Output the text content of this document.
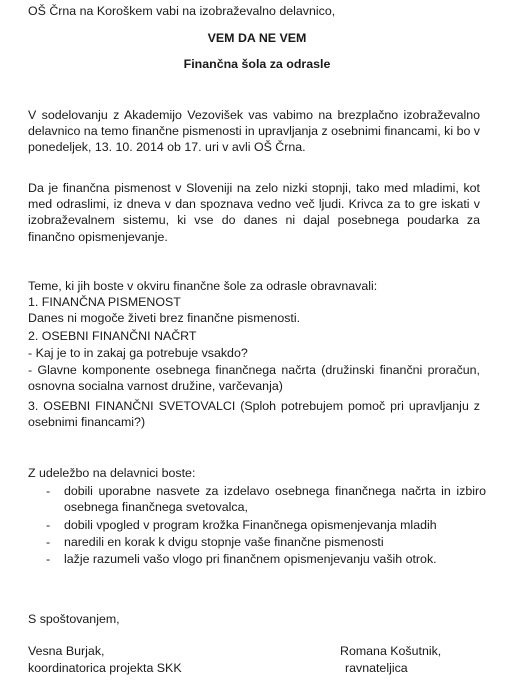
OŠ Črna na Koroškem vabi na izobraževalno delavnico,
VEM DA NE VEM
Finančna šola za odrasle
V sodelovanju z Akademijo Vezovišek vas vabimo na brezplačno izobraževalno delavnico na temo finančne pismenosti in upravljanja z osebnimi financami, ki bo v ponedeljek, 13. 10. 2014 ob 17. uri v avli OŠ Črna.
Da je finančna pismenost v Sloveniji na zelo nizki stopnji, tako med mladimi, kot med odraslimi, iz dneva v dan spoznava vedno več ljudi. Krivca za to gre iskati v izobraževalnem sistemu, ki vse do danes ni dajal posebnega poudarka za finančno opismenjevanje.
Teme, ki jih boste v okviru finančne šole za odrasle obravnavali:
1. FINANČNA PISMENOST
Danes ni mogoče živeti brez finančne pismenosti.
2. OSEBNI FINANČNI NAČRT
- Kaj je to in zakaj ga potrebuje vsakdo?
- Glavne komponente osebnega finančnega načrta (družinski finančni proračun, osnovna socialna varnost družine, varčevanja)
3. OSEBNI FINANČNI SVETOVALCI (Sploh potrebujem pomoč pri upravljanju z osebnimi financami?)
Z udeležbo na delavnici boste:
- dobili uporabne nasvete za izdelavo osebnega finančnega načrta in izbiro osebnega finančnega svetovalca,
- dobili vpogled v program krožka Finančnega opismenjevanja mladih
- naredili en korak k dvigu stopnje vaše finančne pismenosti
- lažje razumeli vašo vlogo pri finančnem opismenjevanju vaših otrok.
S spoštovanjem,
Vesna Burjak,
koordinatorica projekta SKK
Romana Košutnik,
ravnateljica
